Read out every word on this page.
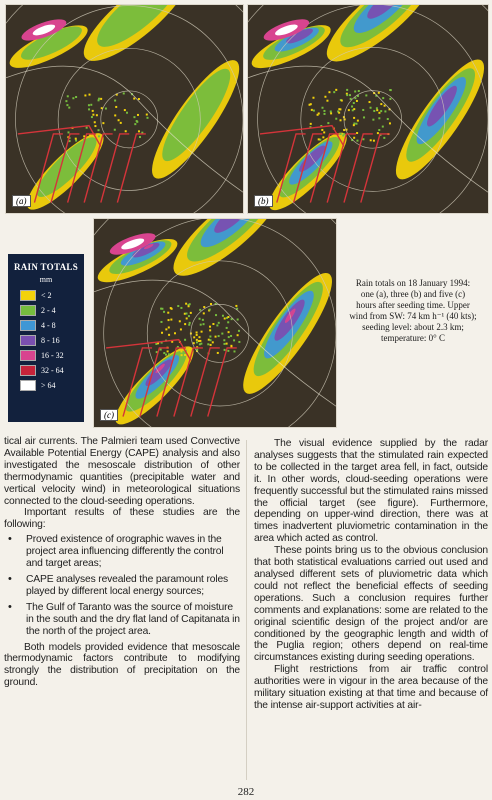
(a)	(b)
(c)
RAIN TOTALS
mm
< 2
2 - 4
4 - 8
8 - 16
16 - 32
32 - 64
> 64
Rain totals on 18 January 1994:
one (a), three (b) and five (c)
hours after seeding time. Upper
wind from SW: 74 km h⁻¹ (40 kts);
seeding level: about 2.3 km;
temperature: 0° C

tical air currents. The Palmieri team used Convective Available Potential Energy (CAPE) analysis and also investigated the mesoscale distribution of other thermodynamic quantities (precipitable water and vertical velocity wind) in meteorological situations connected to the cloud-seeding operations.

Important results of these studies are the following:

• Proved existence of orographic waves in the project area influencing differently the control and target areas;
• CAPE analyses revealed the paramount roles played by different local energy sources;
• The Gulf of Taranto was the source of moisture in the south and the dry flat land of Capitanata in the north of the project area.

Both models provided evidence that mesoscale thermodynamic factors contribute to modifying strongly the distribution of precipitation on the ground.

The visual evidence supplied by the radar analyses suggests that the stimulated rain expected to be collected in the target area fell, in fact, outside it. In other words, cloud-seeding operations were frequently successful but the stimulated rains missed the official target (see figure). Furthermore, depending on upper-wind direction, there was at times inadvertent pluviometric contamination in the area which acted as control.

These points bring us to the obvious conclusion that both statistical evaluations carried out used and analysed different sets of pluviometric data which could not reflect the beneficial effects of seeding operations. Such a conclusion requires further comments and explanations: some are related to the original scientific design of the project and/or are conditioned by the geographic length and width of the Puglia region; others depend on real-time circumstances existing during seeding operations.

Flight restrictions from air traffic control authorities were in vigour in the area because of the military situation existing at that time and because of the intense air-support activities at air-

282
